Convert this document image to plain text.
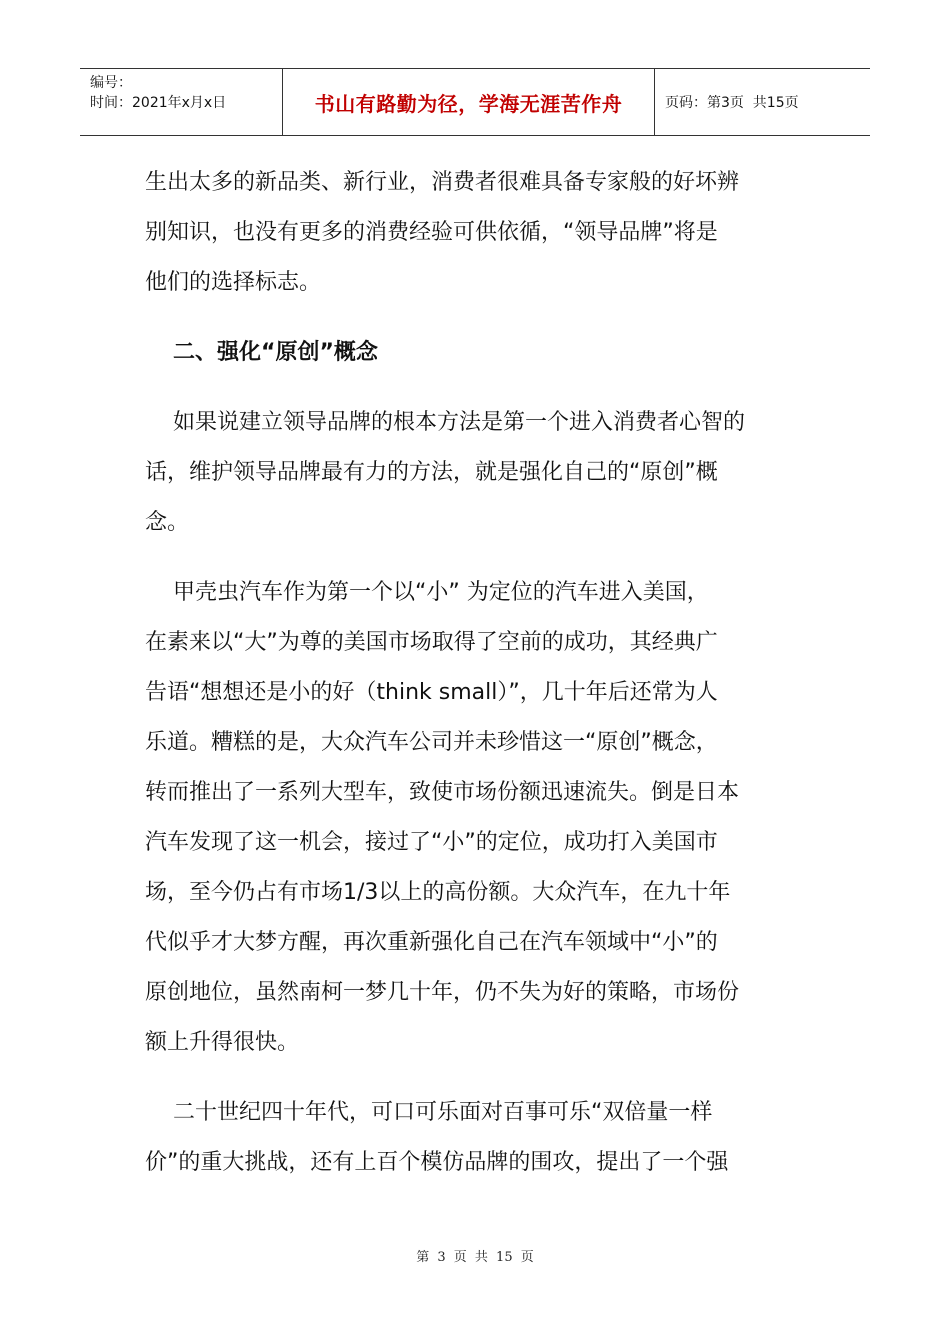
编号：
时间：2021年x月x日	书山有路勤为径，学海无涯苦作舟	页码：第3页  共15页

生出太多的新品类、新行业，消费者很难具备专家般的好坏辨
别知识，也没有更多的消费经验可供依循，“领导品牌”将是
他们的选择标志。

二、强化“原创”概念

如果说建立领导品牌的根本方法是第一个进入消费者心智的
话，维护领导品牌最有力的方法，就是强化自己的“原创”概
念。

甲壳虫汽车作为第一个以“小” 为定位的汽车进入美国，
在素来以“大”为尊的美国市场取得了空前的成功，其经典广
告语“想想还是小的好（think small）”，几十年后还常为人
乐道。糟糕的是，大众汽车公司并未珍惜这一“原创”概念，
转而推出了一系列大型车，致使市场份额迅速流失。倒是日本
汽车发现了这一机会，接过了“小”的定位，成功打入美国市
场，至今仍占有市场1/3以上的高份额。大众汽车，在九十年
代似乎才大梦方醒，再次重新强化自己在汽车领域中“小”的
原创地位，虽然南柯一梦几十年，仍不失为好的策略，市场份
额上升得很快。

二十世纪四十年代，可口可乐面对百事可乐“双倍量一样
价”的重大挑战，还有上百个模仿品牌的围攻，提出了一个强

第 3 页 共 15 页
